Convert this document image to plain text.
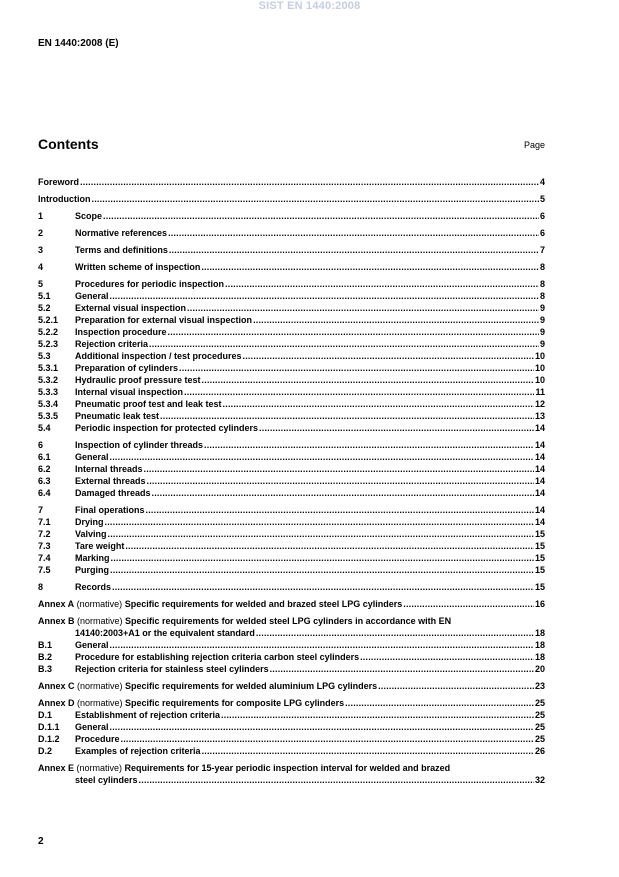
SIST EN 1440:2008
EN 1440:2008 (E)
Contents	Page
Foreword .....	4
Introduction .....	5
1	Scope .....	6
2	Normative references .....	6
3	Terms and definitions .....	7
4	Written scheme of inspection .....	8
5	Procedures for periodic inspection .....	8
5.1	General .....	8
5.2	External visual inspection .....	9
5.2.1	Preparation for external visual inspection .....	9
5.2.2	Inspection procedure .....	9
5.2.3	Rejection criteria .....	9
5.3	Additional inspection / test procedures .....	10
5.3.1	Preparation of cylinders .....	10
5.3.2	Hydraulic proof pressure test .....	10
5.3.3	Internal visual inspection .....	11
5.3.4	Pneumatic proof test and leak test .....	12
5.3.5	Pneumatic leak test .....	13
5.4	Periodic inspection for protected cylinders .....	14
6	Inspection of cylinder threads .....	14
6.1	General .....	14
6.2	Internal threads .....	14
6.3	External threads .....	14
6.4	Damaged threads .....	14
7	Final operations .....	14
7.1	Drying .....	14
7.2	Valving .....	15
7.3	Tare weight .....	15
7.4	Marking .....	15
7.5	Purging .....	15
8	Records .....	15
Annex A (normative) Specific requirements for welded and brazed steel LPG cylinders .....	16
Annex B (normative) Specific requirements for welded steel LPG cylinders in accordance with EN
14140:2003+A1 or the equivalent standard .....	18
B.1	General .....	18
B.2	Procedure for establishing rejection criteria carbon steel cylinders .....	18
B.3	Rejection criteria for stainless steel cylinders .....	20
Annex C (normative) Specific requirements for welded aluminium LPG cylinders .....	23
Annex D (normative) Specific requirements for composite LPG cylinders .....	25
D.1	Establishment of rejection criteria .....	25
D.1.1	General .....	25
D.1.2	Procedure .....	25
D.2	Examples of rejection criteria .....	26
Annex E (normative) Requirements for 15-year periodic inspection interval for welded and brazed
steel cylinders .....	32
2
